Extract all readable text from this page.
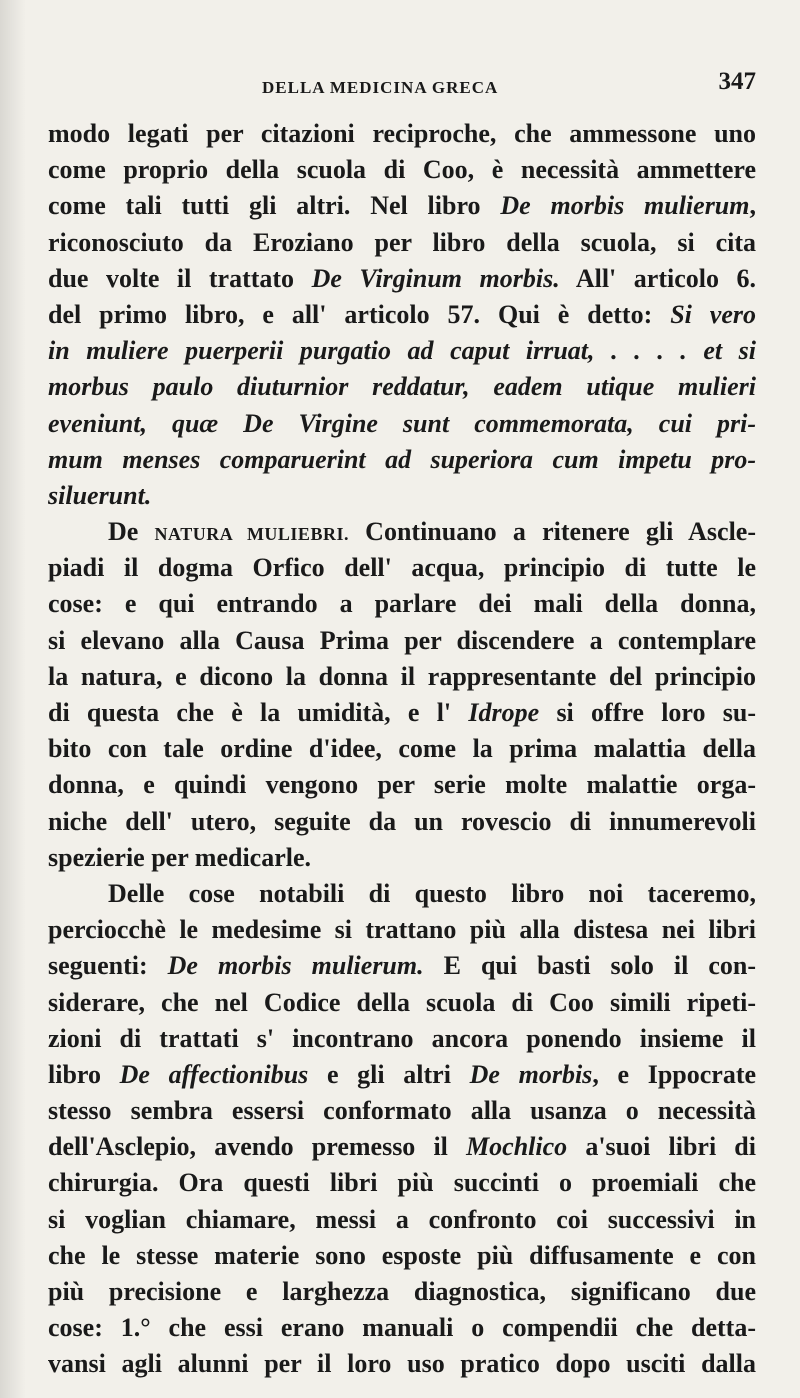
DELLA MEDICINA GRECA	347
modo legati per citazioni reciproche, che ammessone uno
come proprio della scuola di Coo, è necessità ammettere
come tali tutti gli altri. Nel libro De morbis mulierum,
riconosciuto da Eroziano per libro della scuola, si cita
due volte il trattato De Virginum morbis. All' articolo 6.
del primo libro, e all' articolo 57. Qui è detto: Si vero
in muliere puerperii purgatio ad caput irruat, . . . . et si
morbus paulo diuturnior reddatur, eadem utique mulieri
eveniunt, quæ De Virgine sunt commemorata, cui pri-
mum menses comparuerint ad superiora cum impetu pro-
siluerunt.
De NATURA MULIEBRI. Continuano a ritenere gli Ascle-
piadi il dogma Orfico dell' acqua, principio di tutte le
cose: e qui entrando a parlare dei mali della donna,
si elevano alla Causa Prima per discendere a contemplare
la natura, e dicono la donna il rappresentante del principio
di questa che è la umidità, e l' Idrope si offre loro su-
bito con tale ordine d'idee, come la prima malattia della
donna, e quindi vengono per serie molte malattie orga-
niche dell' utero, seguite da un rovescio di innumerevoli
spezierie per medicarle.
Delle cose notabili di questo libro noi taceremo,
perciocchè le medesime si trattano più alla distesa nei libri
seguenti: De morbis mulierum. E qui basti solo il con-
siderare, che nel Codice della scuola di Coo simili ripeti-
zioni di trattati s' incontrano ancora ponendo insieme il
libro De affectionibus e gli altri De morbis, e Ippocrate
stesso sembra essersi conformato alla usanza o necessità
dell'Asclepio, avendo premesso il Mochlico a'suoi libri di
chirurgia. Ora questi libri più succinti o proemiali che
si voglian chiamare, messi a confronto coi successivi in
che le stesse materie sono esposte più diffusamente e con
più precisione e larghezza diagnostica, significano due
cose: 1.° che essi erano manuali o compendii che detta-
vansi agli alunni per il loro uso pratico dopo usciti dalla
